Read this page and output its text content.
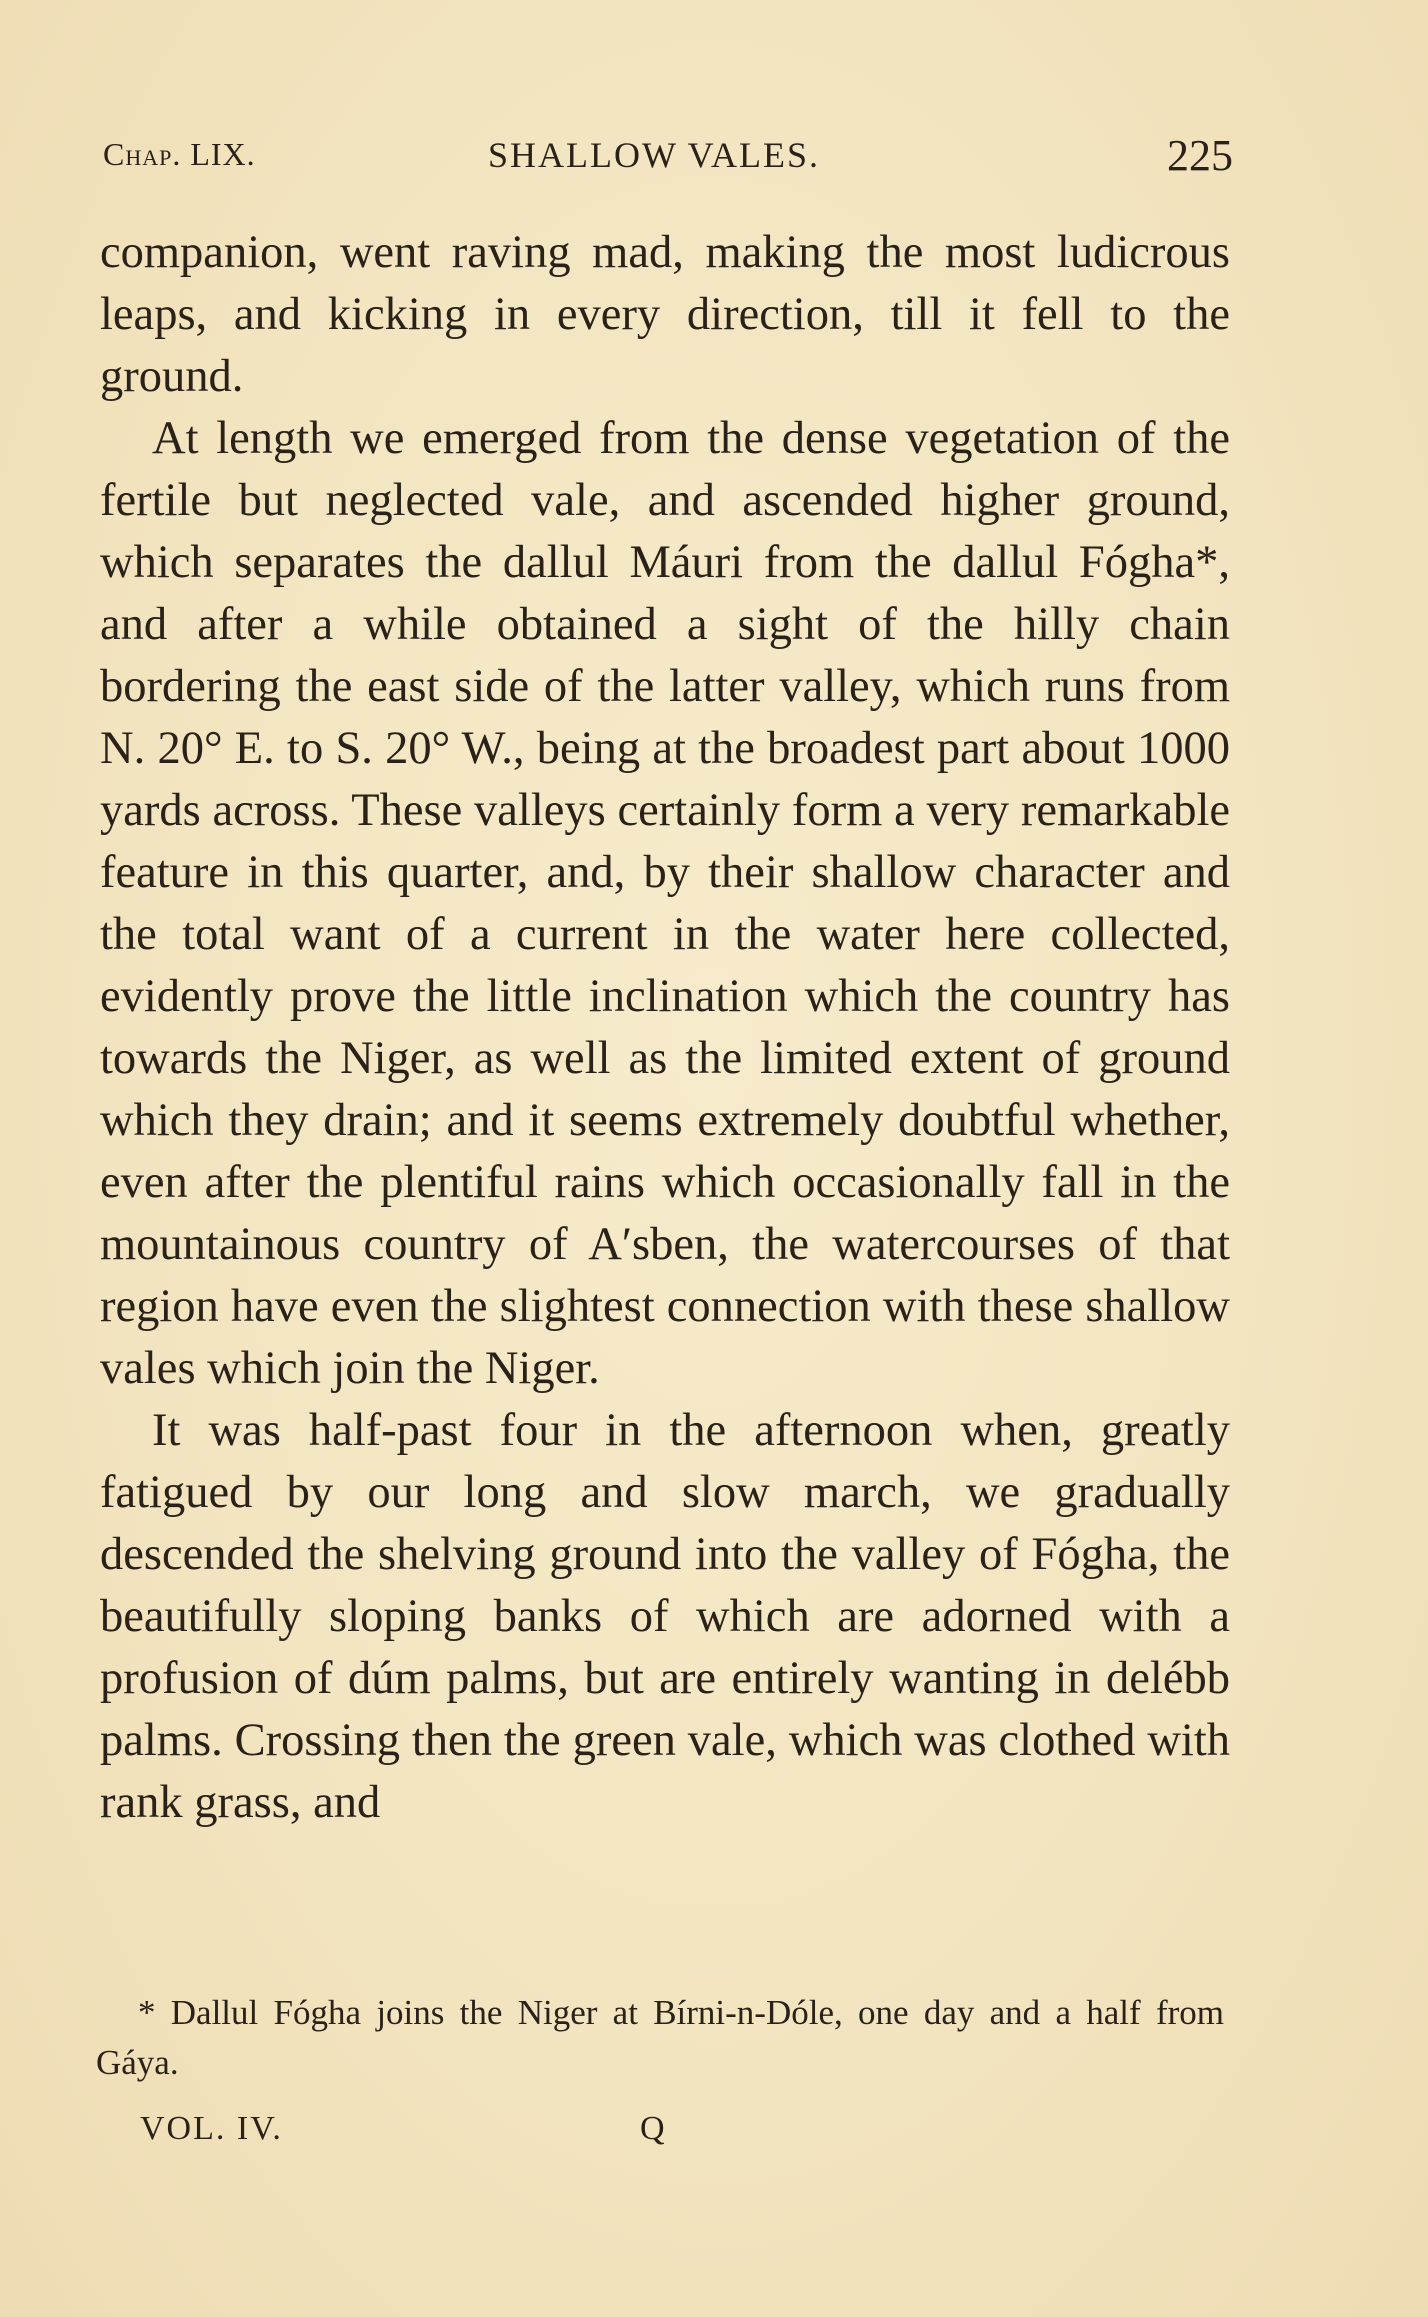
Chap. LIX.	SHALLOW VALES.	225

companion, went raving mad, making the most ludicrous leaps, and kicking in every direction, till it fell to the ground.

At length we emerged from the dense vegetation of the fertile but neglected vale, and ascended higher ground, which separates the dallul Máuri from the dallul Fógha*, and after a while obtained a sight of the hilly chain bordering the east side of the latter valley, which runs from N. 20° E. to S. 20° W., being at the broadest part about 1000 yards across. These valleys certainly form a very remarkable feature in this quarter, and, by their shallow character and the total want of a current in the water here collected, evidently prove the little inclination which the country has towards the Niger, as well as the limited extent of ground which they drain; and it seems extremely doubtful whether, even after the plentiful rains which occasionally fall in the mountainous country of A′sben, the watercourses of that region have even the slightest connection with these shallow vales which join the Niger.

It was half-past four in the afternoon when, greatly fatigued by our long and slow march, we gradually descended the shelving ground into the valley of Fógha, the beautifully sloping banks of which are adorned with a profusion of dúm palms, but are entirely wanting in delébb palms. Crossing then the green vale, which was clothed with rank grass, and

* Dallul Fógha joins the Niger at Bírni-n-Dóle, one day and a half from Gáya.

VOL. IV.	Q
